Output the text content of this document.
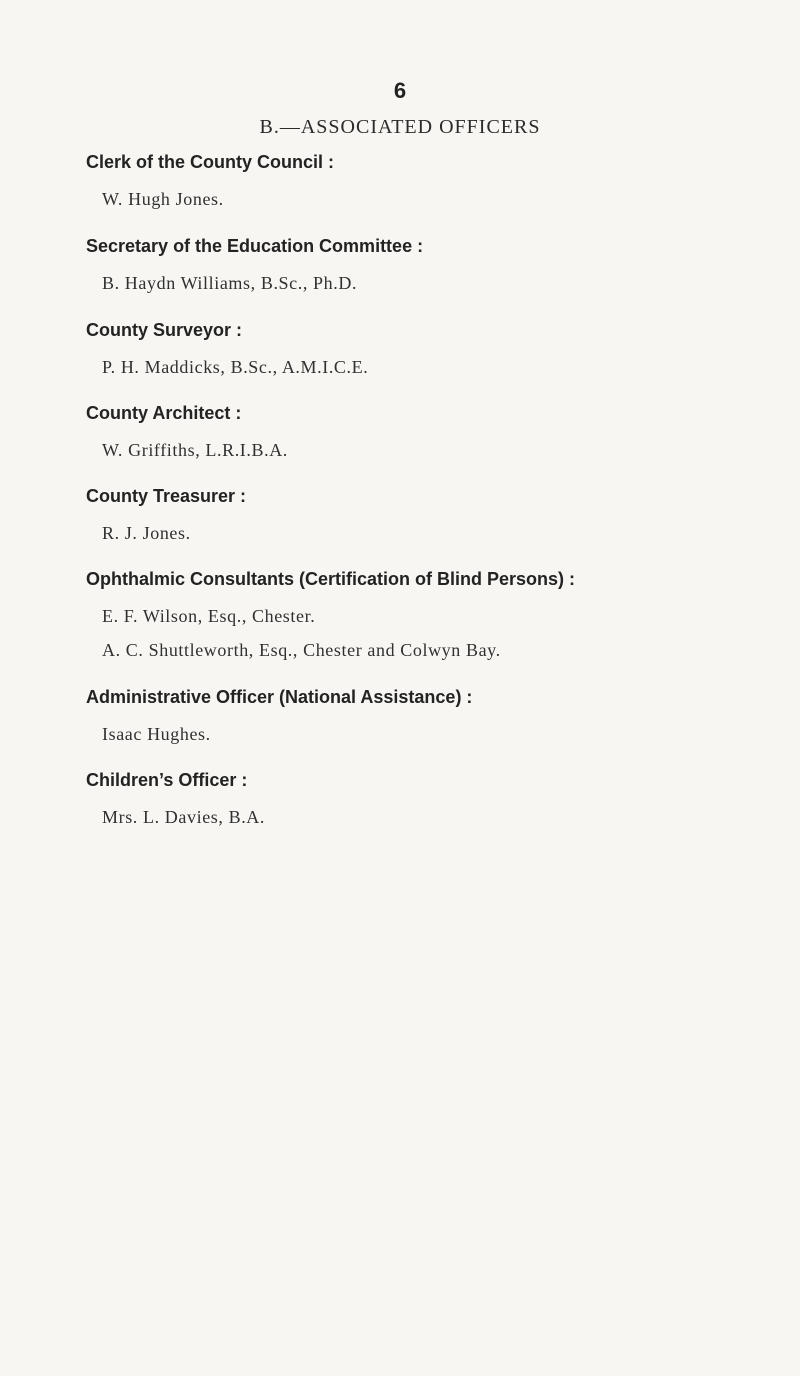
6
B.—ASSOCIATED OFFICERS
Clerk of the County Council :
W. Hugh Jones.
Secretary of the Education Committee :
B. Haydn Williams, B.Sc., Ph.D.
County Surveyor :
P. H. Maddicks, B.Sc., A.M.I.C.E.
County Architect :
W. Griffiths, L.R.I.B.A.
County Treasurer :
R. J. Jones.
Ophthalmic Consultants (Certification of Blind Persons) :
E. F. Wilson, Esq., Chester.
A. C. Shuttleworth, Esq., Chester and Colwyn Bay.
Administrative Officer (National Assistance) :
Isaac Hughes.
Children’s Officer :
Mrs. L. Davies, B.A.
